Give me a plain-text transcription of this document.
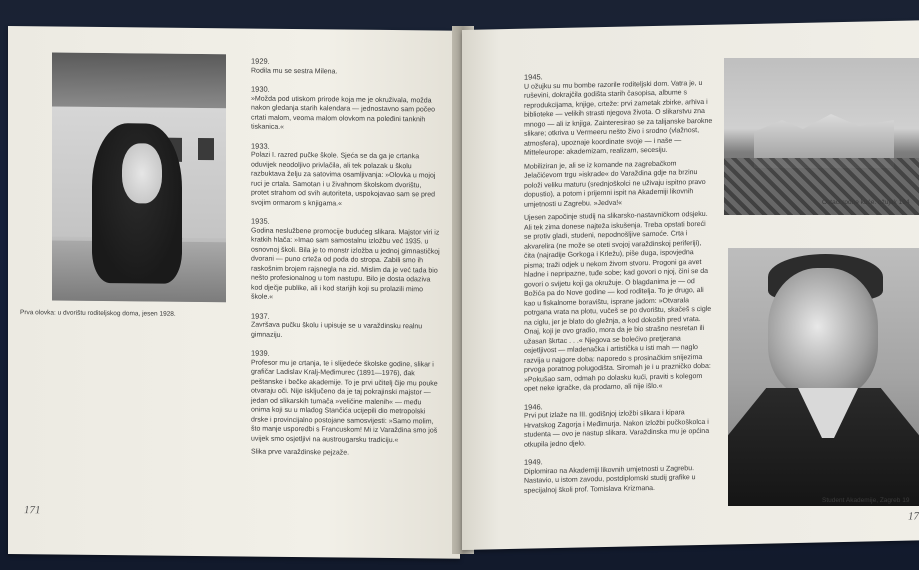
Prva olovka: u dvorištu roditeljskog doma, jesen 1928.

1929.

Rodila mu se sestra Milena.

1930.

»Možda pod utiskom prirode koja me je okruživala, možda nakon gledanja starih kalendara — jednostavno sam počeo crtati malom, veoma malom olovkom na poleđini tanknih tiskanica.«

1933.

Polazi I. razred pučke škole. Sjeća se da ga je crtanka oduvijek neodoljivo privlačila, ali tek polazak u školu razbuktava želju za satovima osamljivanja: »Olovka u mojoj ruci je crtala. Samotan i u živahnom školskom dvorištu, protet strahom od svih autoriteta, uspokojavao sam se pred svojim ormarom s knjigama.«

1935.

Godina neslužbene promocije budućeg slikara. Majstor viri iz kratkih hlača: »Imao sam samostalnu izložbu već 1935. u osnovnoj školi. Bila je to monstr izložba u jednoj gimnastičkoj dvorani — puno crteža od poda do stropa. Zabili smo ih raskošnim brojem rajsnegla na zid. Mislim da je već tada bio nešto profesionalnog u tom nastupu. Bilo je dosta odaziva kod dječje publike, ali i kod starijih koji su prolazili mimo škole.«

1937.

Završava pučku školu i upisuje se u varaždinsku realnu gimnaziju.

1939.

Profesor mu je crtanja, te i slijedeće školske godine, slikar i grafičar Ladislav Kralj-Međimurec (1891—1976), đak peštanske i bečke akademije. To je prvi učitelj čije mu pouke otvaraju oči. Nije isključeno da je taj pokrajinski majstor — jedan od slikarskih tumača »veličine malenih« — među onima koji su u mladog Stančića ucijepili dio metropolski drske i provincijalno postojane samosvijesti: »Samo molim, što manje usporedbi s Francuskom! Mi iz Varaždina smo još uvijek smo osjetljivi na austrougarsku tradiciju.«

Slika prve varaždinske pejzaže.

171

1945.

U ožujku su mu bombe razorile roditeljski dom. Vatra je, u ruševini, dokrajčila godišta starih časopisa, albume s reprodukcijama, knjige, crteže: prvi zametak zbirke, arhiva i biblioteke — velikih strasti njegova života. O slikarstvu zna mnogo — ali iz knjiga. Zainteresirao se za talijanske barokne slikare; otkriva u Vermeeru nešto živo i srodno (vlažnost, atmosfera), upoznaje koordinate svoje — i naše — Mitteleurope: akademizam, realizam, secesiju.

Mobiliziran je, ali se iz komande na zagrebačkom Jelačićevom trgu »iskrade« do Varaždina gdje na brzinu položi veliku maturu (srednjoškolci ne uživaju ispitno pravo dopustio), a potom i prijemni ispit na Akademiji likovnih umjetnosti u Zagrebu. »Jedva!«

Ujesen započinje studij na slikarsko-nastavničkom odsjeku. Ali tek zima donese najteža iskušenja. Treba opstati boreći se protiv gladi, studeni, nepodnošljive samoće. Crta i akvarelira (ne može se oteti svojoj varaždinskoj periferiji), čita (najradije Gorkoga i Krležu), piše duga, ispovjedna pisma; traži odjek u nekom živom stvoru. Progoni ga avet hladne i nepripazne, tuđe sobe; kad govori o njoj, čini se da govori o svijetu koji ga okružuje. O blagdanima je — od Božića pa do Nove godine — kod roditelja. To je drugo, ali kao u fiskalnome boravištu, isprane jadom: »Otvarala potrgana vrata na plotu, vučeš se po dvorištu, skačeš s cigle na ciglu, jer je blato do gležnja, a kod dokoših pred vrata. Onaj, koji je ovo gradio, mora da je bio strašno nesretan ili užasan škrtac . . .« Njegova se bolećivo pretjerana osjetljivost — mladenačka i artistička u isti mah — naglo razvija u najgore doba: naporedo s prosinačkim snijezima prvoga poratnog polugodišta. Siromah je i u prazničko doba: »Pokušao sam, odmah po dolasku kući, praviti s kolegom opet neke igračke, da prodamo, ali nije išlo.«

1946.

Prvi put izlaže na III. godišnjoj izložbi slikara i kipara Hrvatskog Zagorja i Međimurja. Nakon izložbi pučkoškolca i studenta — ovo je nastup slikara. Varaždinska mu je općina otkupila jedno djelo.

1949.

Diplomirao na Akademiji likovnih umjetnosti u Zagrebu. Nastavio, u istom zavodu, postdiplomski studij grafike u specijalnoj školi prof. Tomislava Krizmana.

17
Ostaci rodne kuće: ožujak 194
Student Akademije, Zagreb 19
